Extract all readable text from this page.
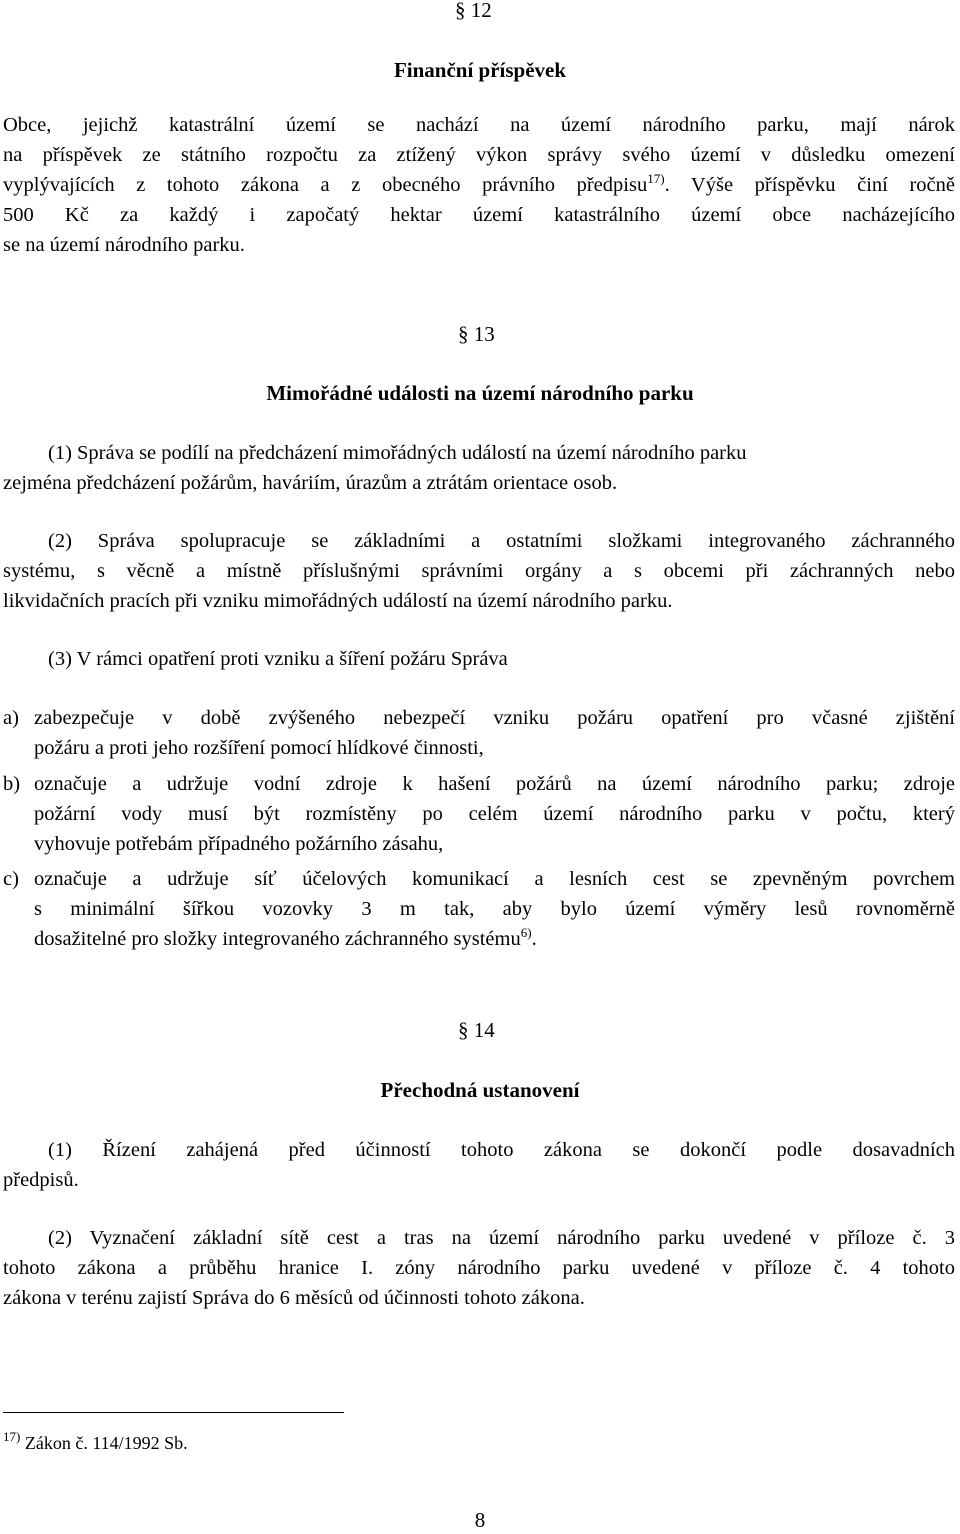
§ 12
Finanční příspěvek
Obce, jejichž katastrální území se nachází na území národního parku, mají nárok
na příspěvek ze státního rozpočtu za ztížený výkon správy svého území v důsledku omezení
vyplývajících z tohoto zákona a z obecného právního předpisu$^{17)}$. Výše příspěvku činí ročně
500 Kč za každý i započatý hektar území katastrálního území obce nacházejícího
se na území národního parku.
§ 13
Mimořádné události na území národního parku
(1) Správa se podílí na předcházení mimořádných událostí na území národního parku
zejména předcházení požárům, haváriím, úrazům a ztrátám orientace osob.
(2) Správa spolupracuje se základními a ostatními složkami integrovaného záchranného
systému, s věcně a místně příslušnými správními orgány a s obcemi při záchranných nebo
likvidačních pracích při vzniku mimořádných událostí na území národního parku.
(3) V rámci opatření proti vzniku a šíření požáru Správa
a) zabezpečuje v době zvýšeného nebezpečí vzniku požáru opatření pro včasné zjištění
požáru a proti jeho rozšíření pomocí hlídkové činnosti,
b) označuje a udržuje vodní zdroje k hašení požárů na území národního parku; zdroje
požární vody musí být rozmístěny po celém území národního parku v počtu, který
vyhovuje potřebám případného požárního zásahu,
c) označuje a udržuje síť účelových komunikací a lesních cest se zpevněným povrchem
s minimální šířkou vozovky 3 m tak, aby bylo území výměry lesů rovnoměrně
dosažitelné pro složky integrovaného záchranného systému$^{6)}$.
§ 14
Přechodná ustanovení
(1) Řízení zahájená před účinností tohoto zákona se dokončí podle dosavadních
předpisů.
(2) Vyznačení základní sítě cest a tras na území národního parku uvedené v příloze č. 3
tohoto zákona a průběhu hranice I. zóny národního parku uvedené v příloze č. 4 tohoto
zákona v terénu zajistí Správa do 6 měsíců od účinnosti tohoto zákona.
$^{17)}$ Zákon č. 114/1992 Sb.
8
